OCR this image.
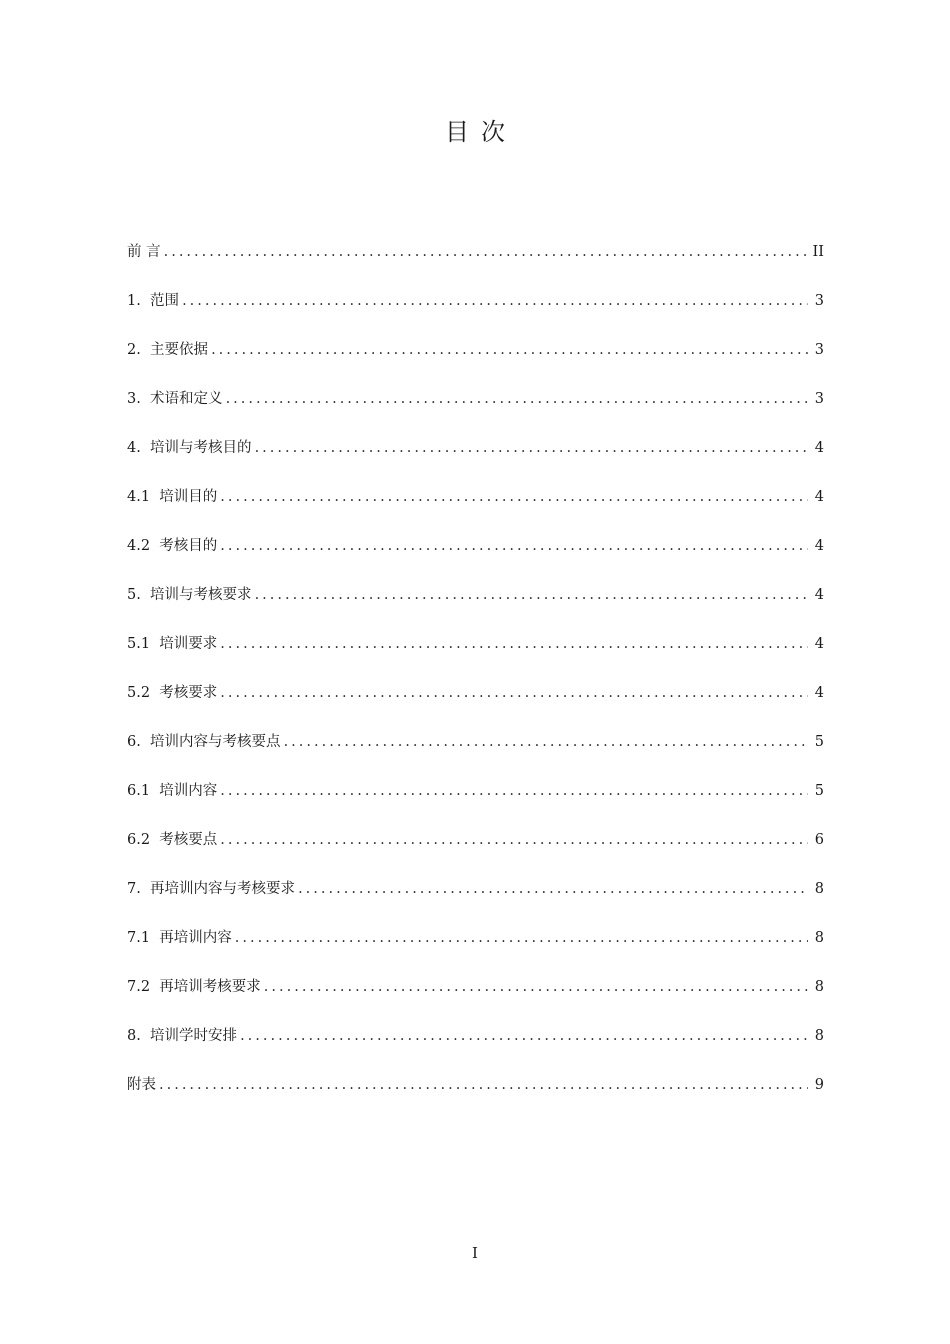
目次
前 言 .....	II
1.  范围 .....	3
2.  主要依据 .....	3
3.  术语和定义 .....	3
4.  培训与考核目的 .....	4
4.1  培训目的 .....	4
4.2  考核目的 .....	4
5.  培训与考核要求 .....	4
5.1  培训要求 .....	4
5.2  考核要求 .....	4
6.  培训内容与考核要点 .....	5
6.1  培训内容 .....	5
6.2  考核要点 .....	6
7.  再培训内容与考核要求 .....	8
7.1  再培训内容 .....	8
7.2  再培训考核要求 .....	8
8.  培训学时安排 .....	8
附表 .....	9
I
